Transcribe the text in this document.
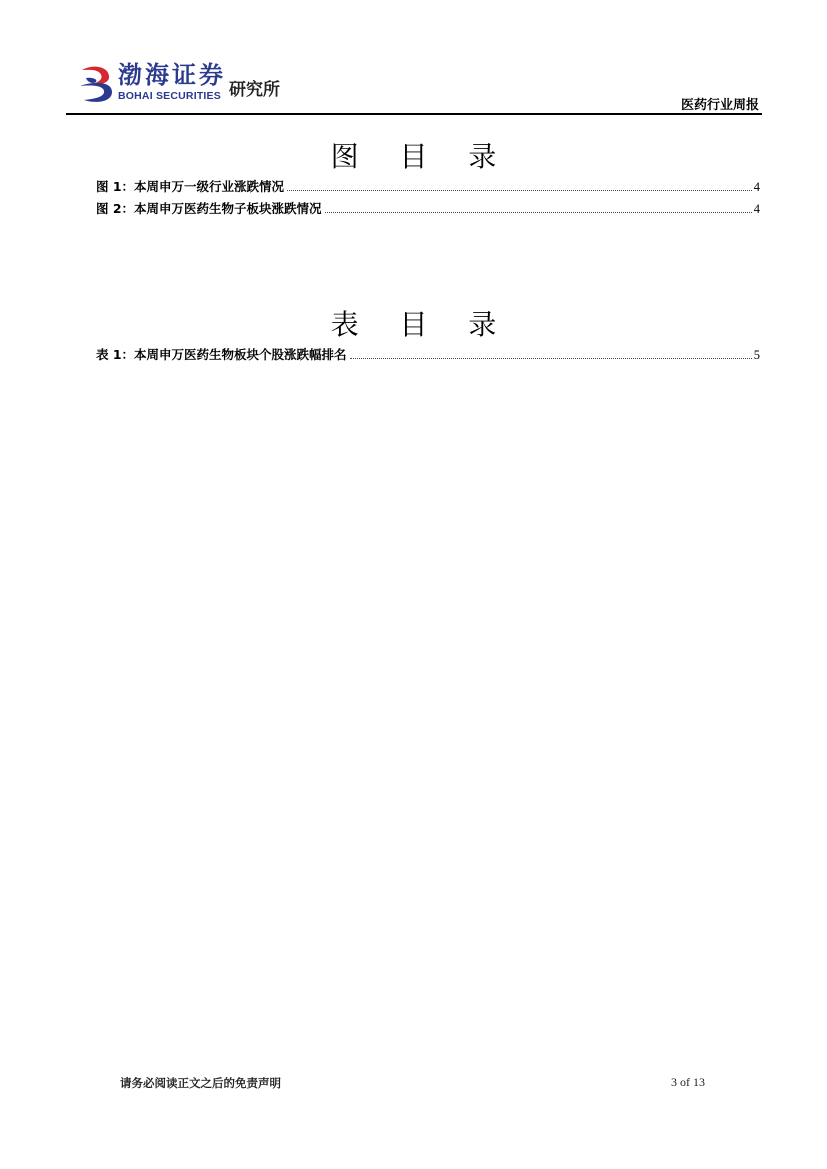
渤海证券
BOHAI SECURITIES 研究所
医药行业周报
图 目 录
图 1：本周申万一级行业涨跌情况	4
图 2：本周申万医药生物子板块涨跌情况	4
表 目 录
表 1：本周申万医药生物板块个股涨跌幅排名	5
请务必阅读正文之后的免责声明	3 of 13
